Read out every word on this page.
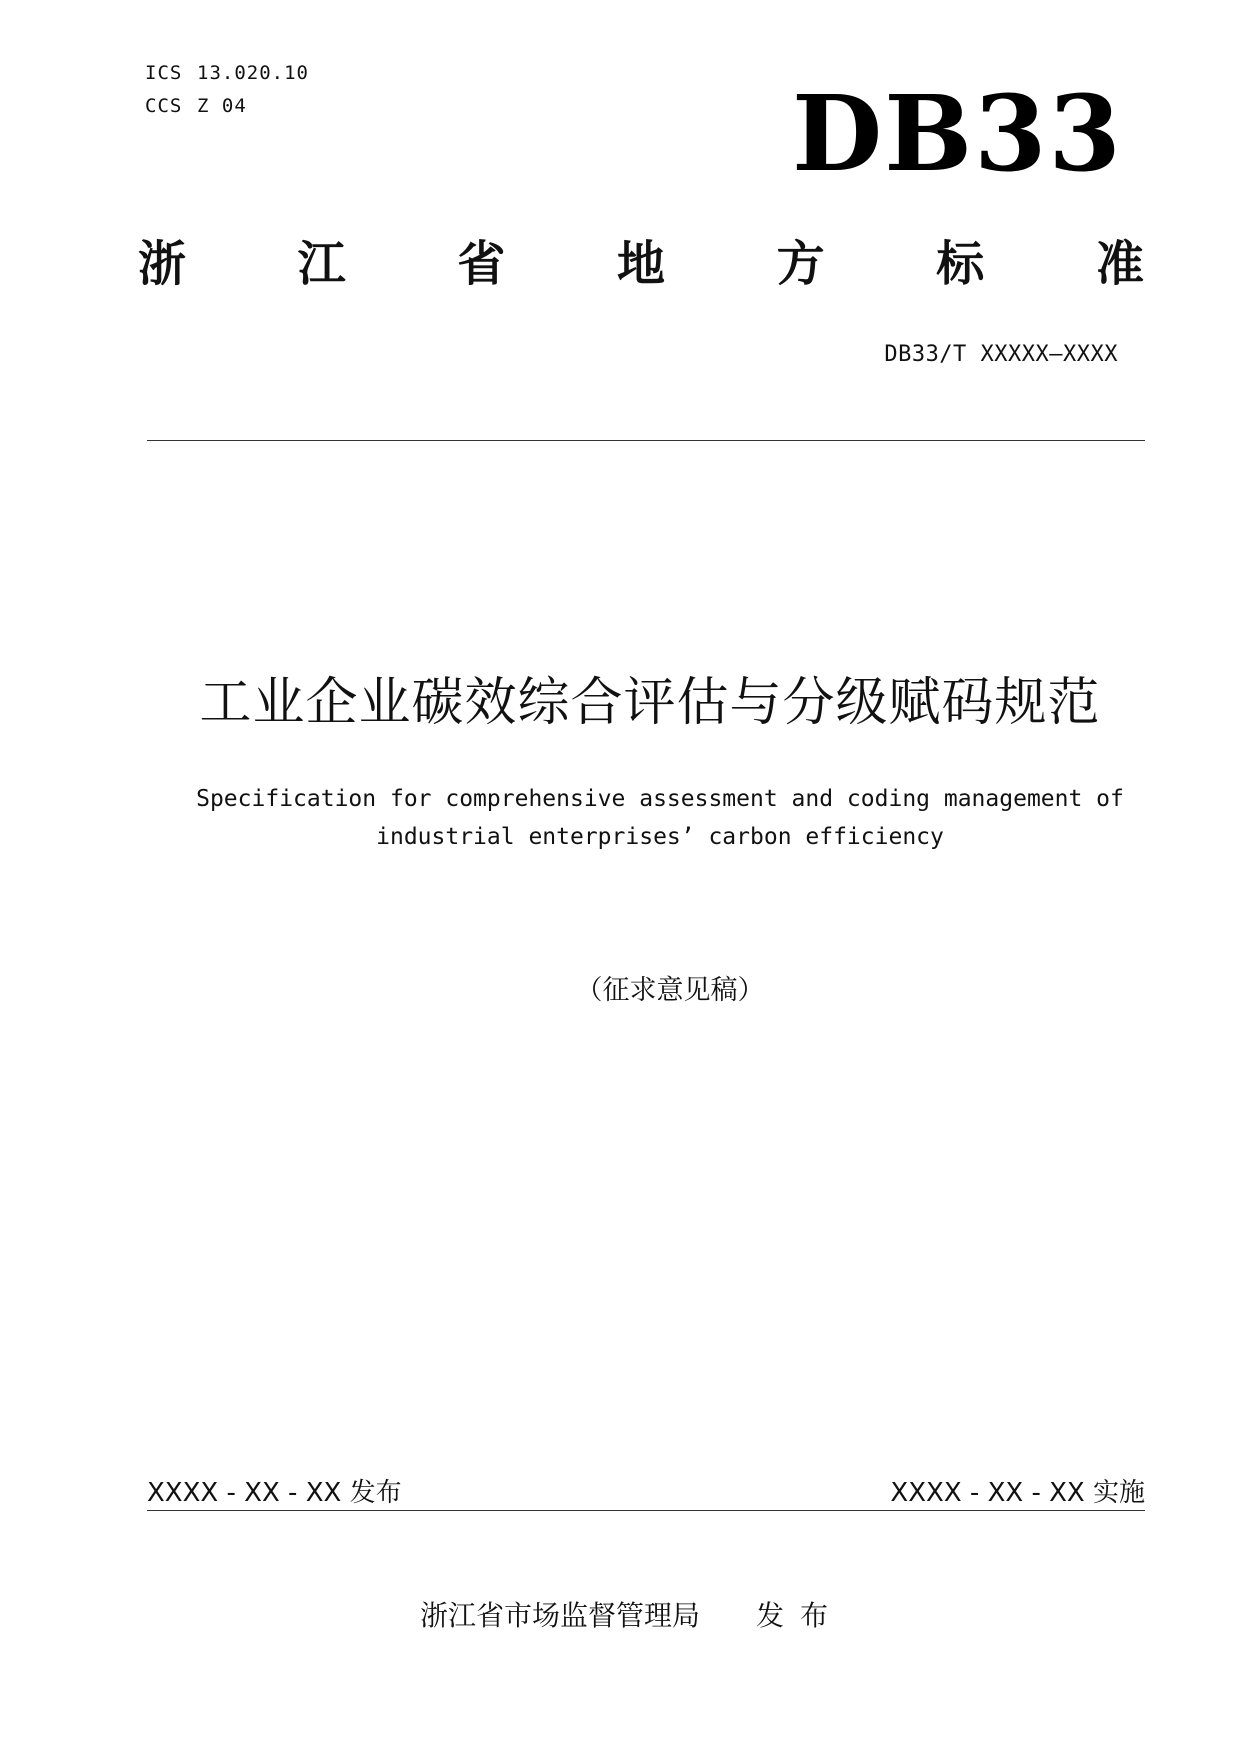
ICS 13.020.10
CCS Z 04	DB33
浙 江 省 地 方 标 准
DB33/T XXXXX—XXXX
工业企业碳效综合评估与分级赋码规范
Specification for comprehensive assessment and coding management of
industrial enterprises’ carbon efficiency
（征求意见稿）
XXXX - XX - XX 发布	XXXX - XX - XX 实施
浙江省市场监督管理局 发布
